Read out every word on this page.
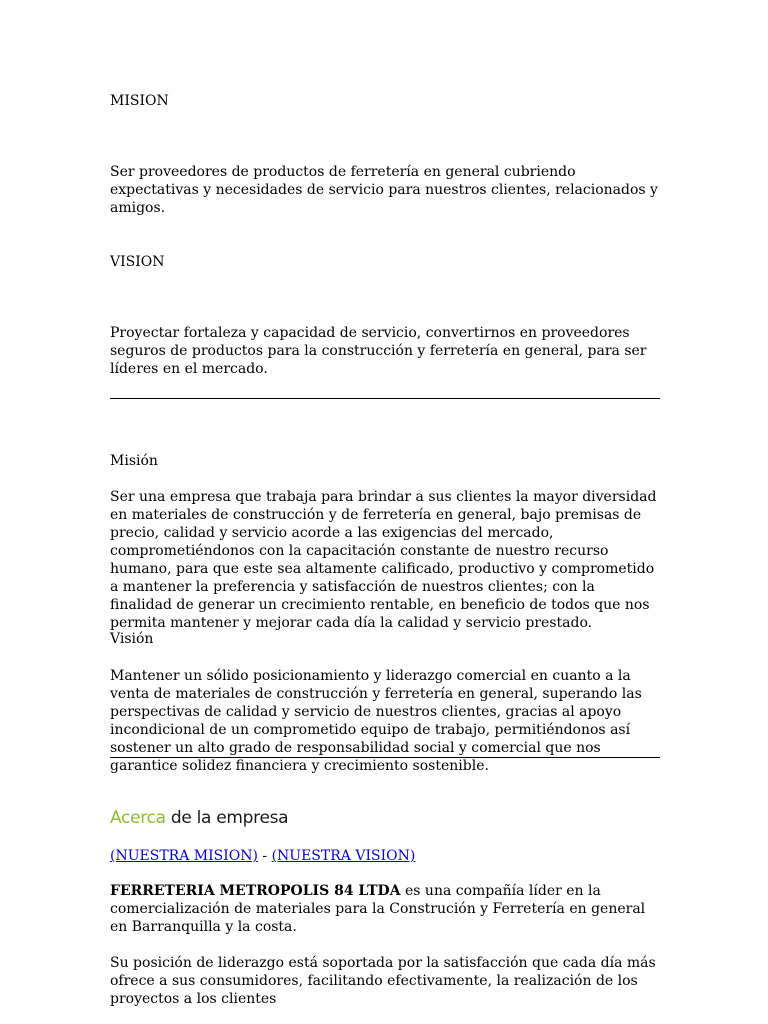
MISION

Ser proveedores de productos de ferretería en general cubriendo expectativas y necesidades de servicio para nuestros clientes, relacionados y amigos.

VISION

Proyectar fortaleza y capacidad de servicio, convertirnos en proveedores seguros de productos para la construcción y ferretería en general, para ser líderes en el mercado.

Misión

Ser una empresa que trabaja para brindar a sus clientes la mayor diversidad en materiales de construcción y de ferretería en general, bajo premisas de precio, calidad y servicio acorde a las exigencias del mercado, comprometiéndonos con la capacitación constante de nuestro recurso humano, para que este sea altamente calificado, productivo y comprometido a mantener la preferencia y satisfacción de nuestros clientes; con la finalidad de generar un crecimiento rentable, en beneficio de todos que nos permita mantener y mejorar cada día la calidad y servicio prestado.

Visión

Mantener un sólido posicionamiento y liderazgo comercial en cuanto a la venta de materiales de construcción y ferretería en general, superando las perspectivas de calidad y servicio de nuestros clientes, gracias al apoyo incondicional de un comprometido equipo de trabajo, permitiéndonos así sostener un alto grado de responsabilidad social y comercial que nos garantice solidez financiera y crecimiento sostenible.

Acerca de la empresa

(NUESTRA MISION) - (NUESTRA VISION)

FERRETERIA METROPOLIS 84 LTDA es una compañía líder en la comercialización de materiales para la Construción y Ferretería en general en Barranquilla y la costa.

Su posición de liderazgo está soportada por la satisfacción que cada día más ofrece a sus consumidores, facilitando efectivamente, la realización de los proyectos a los clientes
